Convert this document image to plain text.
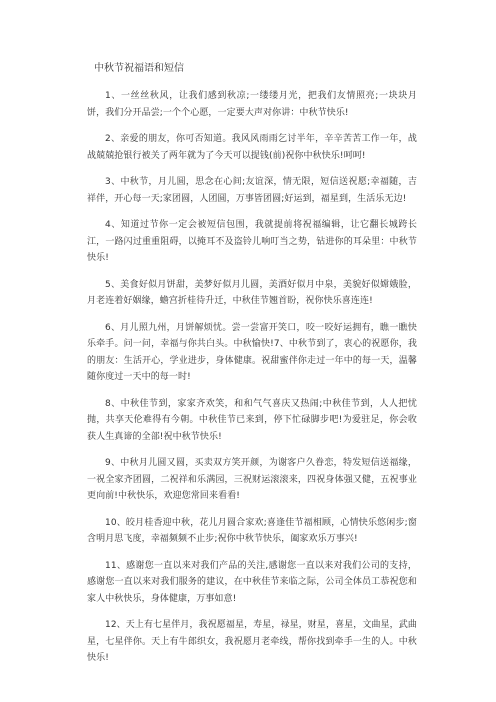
中秋节祝福语和短信

1、一丝丝秋风，让我们感到秋凉;一缕缕月光，把我们友情照亮;一块块月饼，我们分开品尝;一个个心愿，一定要大声对你讲：中秋节快乐!

2、亲爱的朋友，你可否知道。我风风雨雨乞讨半年，辛辛苦苦工作一年，战战兢兢抢银行被关了两年就为了今天可以提钱(前)祝你中秋快乐!呵呵!

3、中秋节，月儿圆，思念在心间;友谊深，情无限，短信送祝愿;幸福随，吉祥伴，开心每一天;家团圆，人团圆，万事皆团圆;好运到，福星到，生活乐无边!

4、知道过节你一定会被短信包围，我就提前将祝福编辑，让它翻长城跨长江，一路闪过重重阻碍，以掩耳不及盗铃儿响叮当之势，钻进你的耳朵里：中秋节快乐!

5、美食好似月饼甜，美梦好似月儿圆，美酒好似月中泉，美貌好似嫦娥脸，月老连着好姻缘，蟾宫折桂待升迁，中秋佳节翘首盼，祝你快乐喜连连!

6、月儿照九州，月饼解烦忧。尝一尝富开笑口，咬一咬好运拥有，瞧一瞧快乐牵手。问一问，幸福与你共白头。中秋愉快!7、中秋节到了，衷心的祝愿你，我的朋友：生活开心，学业进步，身体健康。祝甜蜜伴你走过一年中的每一天，温馨随你度过一天中的每一时!

8、中秋佳节到，家家齐欢笑，和和气气喜庆又热闹;中秋佳节到，人人把忧抛，共享天伦难得有今朝。中秋佳节已来到，停下忙碌脚步吧!为爱驻足，你会收获人生真谛的全部!祝中秋节快乐!

9、中秋月儿圆又圆，买卖双方笑开颜，为谢客户久眷恋，特发短信送福缘，一祝全家齐团圆，二祝祥和乐满园，三祝财运滚滚来，四祝身体强又健，五祝事业更向前!中秋快乐，欢迎您常回来看看!

10、皎月桂香迎中秋，花儿月圆合家欢;喜逢佳节福相顾，心情快乐悠闲步;窗含明月思飞度，幸福频频不止步;祝你中秋节快乐，阖家欢乐万事兴!

11、感谢您一直以来对我们产品的关注,感谢您一直以来对我们公司的支持，感谢您一直以来对我们服务的建议，在中秋佳节来临之际，公司全体员工恭祝您和家人中秋快乐，身体健康，万事如意!

12、天上有七星伴月，我祝愿福星，寿星，禄星，财星，喜星，文曲星，武曲星，七星伴你。天上有牛郎织女，我祝愿月老牵线，帮你找到牵手一生的人。中秋快乐!
